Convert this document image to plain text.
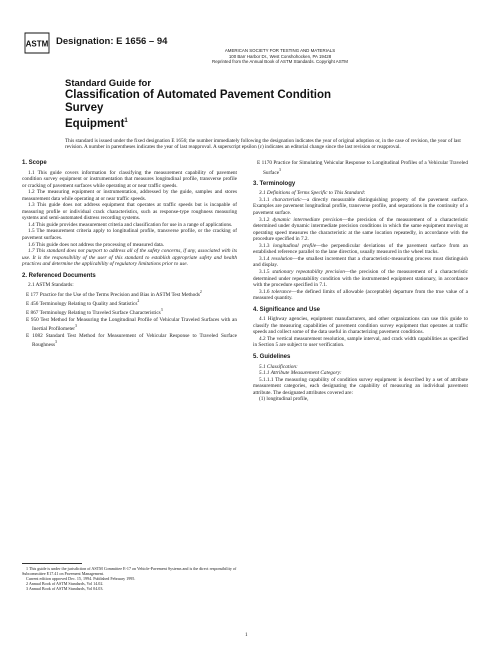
ASTM Designation: E 1656 – 94
AMERICAN SOCIETY FOR TESTING AND MATERIALS
100 Barr Harbor Dr., West Conshohocken, PA 19428
Reprinted from the Annual Book of ASTM Standards. Copyright ASTM
Standard Guide for
Classification of Automated Pavement Condition Survey
Equipment$^1$
This standard is issued under the fixed designation E 1656; the number immediately following the designation indicates the year of original adoption or, in the case of revision, the year of last revision. A number in parentheses indicates the year of last reapproval. A superscript epsilon (ε) indicates an editorial change since the last revision or reapproval.
1. Scope

1.1 This guide covers information for classifying the measurement capability of pavement condition survey equipment or instrumentation that measures longitudinal profile, transverse profile or cracking of pavement surfaces while operating at or near traffic speeds.

1.2 The measuring equipment or instrumentation, addressed by the guide, samples and stores measurement data while operating at or near traffic speeds.

1.3 This guide does not address equipment that operates at traffic speeds but is incapable of measuring profile or individual crack characteristics, such as response-type roughness measuring systems and semi-automated distress recording systems.

1.4 This guide provides measurement criteria and classification for use in a range of applications.

1.5 The measurement criteria apply to longitudinal profile, transverse profile, or the cracking of pavement surfaces.

1.6 This guide does not address the processing of measured data.

1.7 This standard does not purport to address all of the safety concerns, if any, associated with its use. It is the responsibility of the user of this standard to establish appropriate safety and health practices and determine the applicability of regulatory limitations prior to use.

2. Referenced Documents

2.1 ASTM Standards:

E 177 Practice for the Use of the Terms Precision and Bias in ASTM Test Methods$^2$

E 456 Terminology Relating to Quality and Statistics$^2$

E 867 Terminology Relating to Traveled Surface Characteristics$^3$

E 950 Test Method for Measuring the Longitudinal Profile of Vehicular Traveled Surfaces with an Inertial Profilometer$^3$

E 1082 Standard Test Method for Measurement of Vehicular Response to Traveled Surface Roughness$^3$

1 This guide is under the jurisdiction of ASTM Committee E-17 on Vehicle-Pavement Systems and is the direct responsibility of Subcommittee E17.41 on Pavement Management.

Current edition approved Dec. 15, 1994. Published February 1995.

2 Annual Book of ASTM Standards, Vol 14.02.

3 Annual Book of ASTM Standards, Vol 04.03.

E 1170 Practice for Simulating Vehicular Response to Longitudinal Profiles of a Vehicular Traveled Surface$^3$

3. Terminology

3.1 Definitions of Terms Specific to This Standard:

3.1.1 characteristic—a directly measurable distinguishing property of the pavement surface. Examples are pavement longitudinal profile, transverse profile, and separations in the continuity of a pavement surface.

3.1.2 dynamic intermediate precision—the precision of the measurement of a characteristic determined under dynamic intermediate precision conditions in which the same equipment moving at operating speed measures the characteristic at the same location repeatedly, in accordance with the procedure specified in 7.2.

3.1.3 longitudinal profile—the perpendicular deviations of the pavement surface from an established reference parallel to the lane direction, usually measured in the wheel tracks.

3.1.4 resolution—the smallest increment that a characteristic-measuring process must distinguish and display.

3.1.5 stationary repeatability precision—the precision of the measurement of a characteristic determined under repeatability condition with the instrumented equipment stationary, in accordance with the procedure specified in 7.1.

3.1.6 tolerance—the defined limits of allowable (acceptable) departure from the true value of a measured quantity.

4. Significance and Use

4.1 Highway agencies, equipment manufacturers, and other organizations can use this guide to classify the measuring capabilities of pavement condition survey equipment that operates at traffic speeds and collect some of the data useful in characterizing pavement conditions.

4.2 The vertical measurement resolution, sample interval, and crack width capabilities as specified in Section 5 are subject to user verification.

5. Guidelines

5.1 Classification:

5.1.1 Attribute Measurement Category:

5.1.1.1 The measuring capability of condition survey equipment is described by a set of attribute measurement categories, each designating the capability of measuring an individual pavement attribute. The designated attributes covered are:

(1) longitudinal profile,

1
